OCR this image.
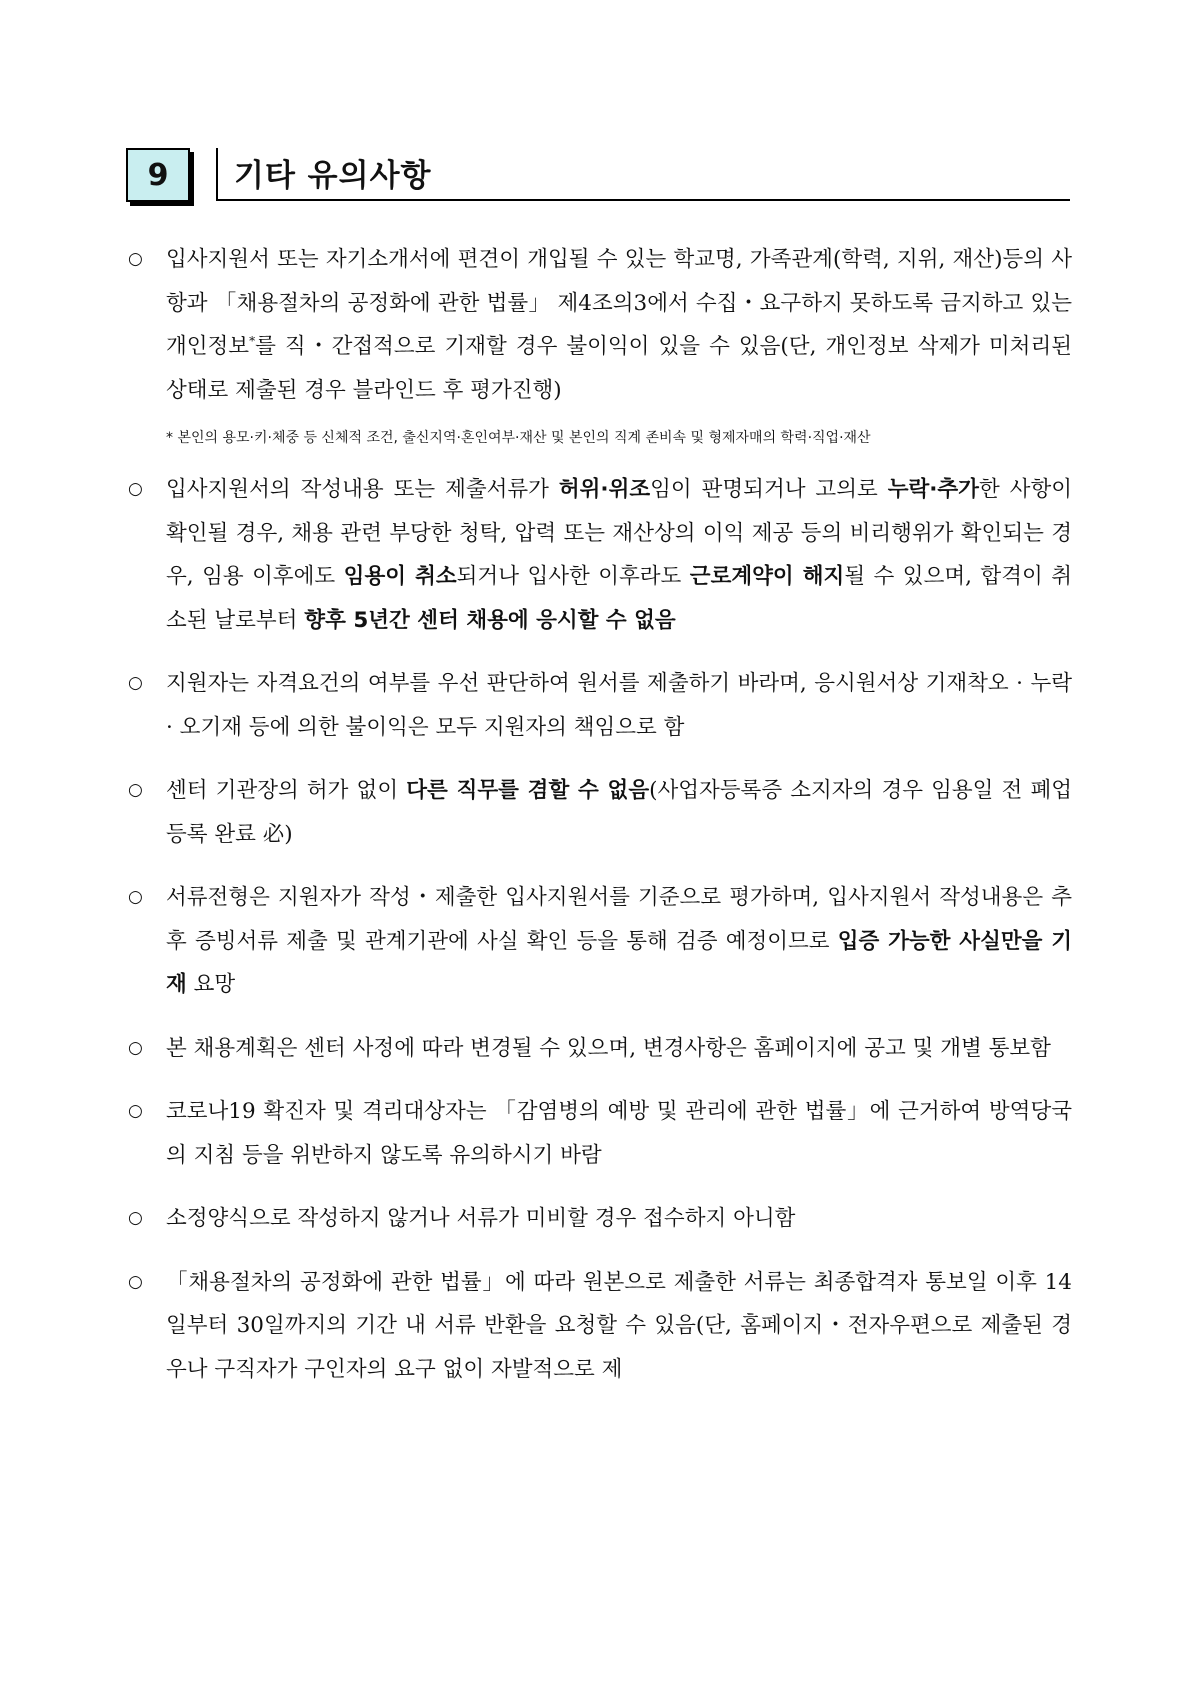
9 기타 유의사항
○	입사지원서 또는 자기소개서에 편견이 개입될 수 있는 학교명, 가족관계(학력, 지위, 재산)등의 사항과 「채용절차의 공정화에 관한 법률」 제4조의3에서 수집・요구하지 못하도록 금지하고 있는 개인정보*를 직・간접적으로 기재할 경우 불이익이 있을 수 있음(단, 개인정보 삭제가 미처리된 상태로 제출된 경우 블라인드 후 평가진행)
* 본인의 용모·키·체중 등 신체적 조건, 출신지역·혼인여부·재산 및 본인의 직계 존비속 및 형제자매의 학력·직업·재산
○	입사지원서의 작성내용 또는 제출서류가 허위·위조임이 판명되거나 고의로 누락·추가한 사항이 확인될 경우, 채용 관련 부당한 청탁, 압력 또는 재산상의 이익 제공 등의 비리행위가 확인되는 경우, 임용 이후에도 임용이 취소되거나 입사한 이후라도 근로계약이 해지될 수 있으며, 합격이 취소된 날로부터 향후 5년간 센터 채용에 응시할 수 없음
○	지원자는 자격요건의 여부를 우선 판단하여 원서를 제출하기 바라며, 응시원서상 기재착오 · 누락 · 오기재 등에 의한 불이익은 모두 지원자의 책임으로 함
○	센터 기관장의 허가 없이 다른 직무를 겸할 수 없음(사업자등록증 소지자의 경우 임용일 전 폐업등록 완료 必)
○	서류전형은 지원자가 작성・제출한 입사지원서를 기준으로 평가하며, 입사지원서 작성내용은 추후 증빙서류 제출 및 관계기관에 사실 확인 등을 통해 검증 예정이므로 입증 가능한 사실만을 기재 요망
○	본 채용계획은 센터 사정에 따라 변경될 수 있으며, 변경사항은 홈페이지에 공고 및 개별 통보함
○	코로나19 확진자 및 격리대상자는 「감염병의 예방 및 관리에 관한 법률」에 근거하여 방역당국의 지침 등을 위반하지 않도록 유의하시기 바람
○	소정양식으로 작성하지 않거나 서류가 미비할 경우 접수하지 아니함
○	「채용절차의 공정화에 관한 법률」에 따라 원본으로 제출한 서류는 최종합격자 통보일 이후 14일부터 30일까지의 기간 내 서류 반환을 요청할 수 있음(단, 홈페이지・전자우편으로 제출된 경우나 구직자가 구인자의 요구 없이 자발적으로 제
